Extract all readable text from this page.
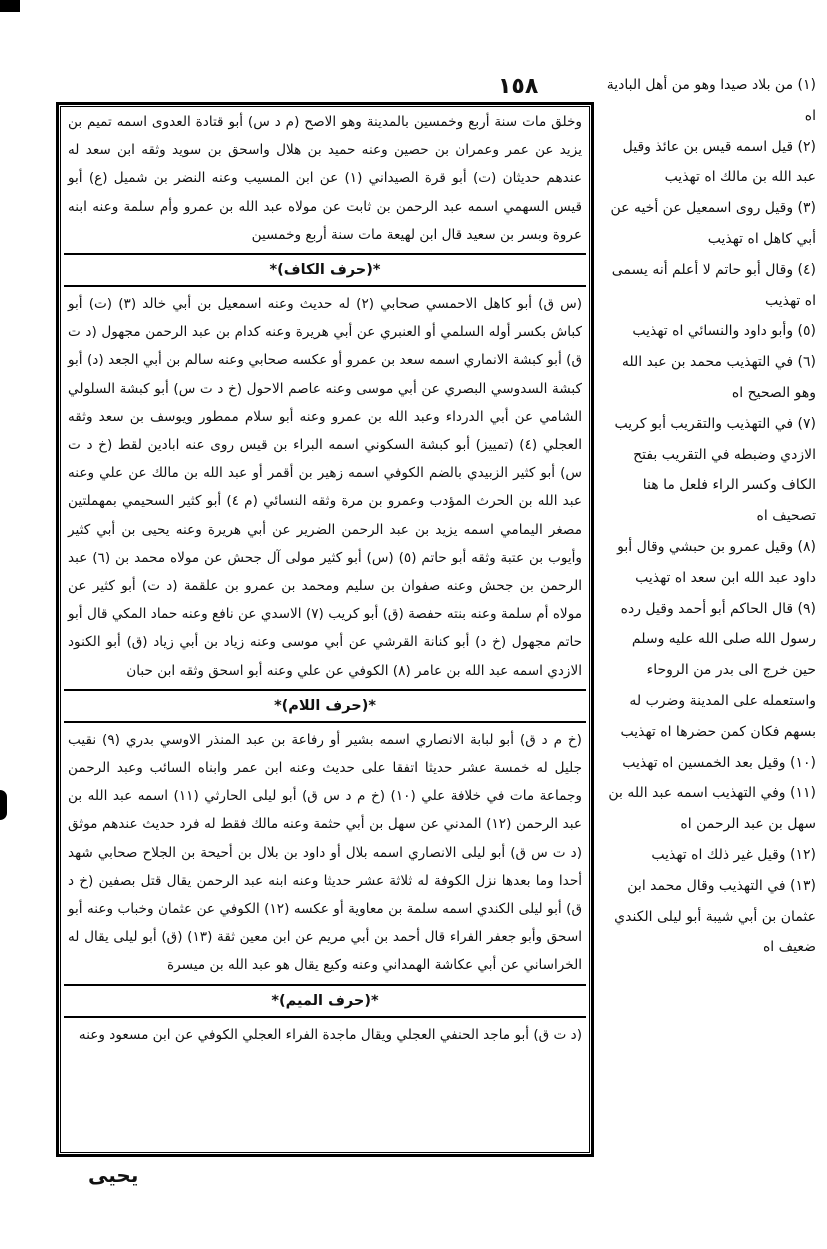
١٥٨

وخلق مات سنة أربع وخمسين بالمدينة وهو الاصح (م د س) أبو قتادة العدوى اسمه تميم بن يزيد عن عمر وعمران بن حصين وعنه حميد بن هلال واسحق بن سويد وثقه ابن سعد له عندهم حديثان (ت) أبو قرة الصيداني (١) عن ابن المسيب وعنه النضر بن شميل (ع) أبو قيس السهمي اسمه عبد الرحمن بن ثابت عن مولاه عبد الله بن عمرو وأم سلمة وعنه ابنه عروة وبسر بن سعيد قال ابن لهيعة مات سنة أربع وخمسين

*(حرف الكاف)*

(س ق) أبو كاهل الاحمسي صحابي (٢) له حديث وعنه اسمعيل بن أبي خالد (٣) (ت) أبو كباش بكسر أوله السلمي أو العنبري عن أبي هريرة وعنه كدام بن عبد الرحمن مجهول (د ت ق) أبو كبشة الانماري اسمه سعد بن عمرو أو عكسه صحابي وعنه سالم بن أبي الجعد (د) أبو كبشة السدوسي البصري عن أبي موسى وعنه عاصم الاحول (خ د ت س) أبو كبشة السلولي الشامي عن أبي الدرداء وعبد الله بن عمرو وعنه أبو سلام ممطور ويوسف بن سعد وثقه العجلي (٤) (تمييز) أبو كبشة السكوني اسمه البراء بن قيس روى عنه ابادين لقط (خ د ت س) أبو كثير الزبيدي بالضم الكوفي اسمه زهير بن أقمر أو عبد الله بن مالك عن علي وعنه عبد الله بن الحرث المؤدب وعمرو بن مرة وثقه النسائي (م ٤) أبو كثير السحيمي بمهملتين مصغر اليمامي اسمه يزيد بن عبد الرحمن الضرير عن أبي هريرة وعنه يحيى بن أبي كثير وأيوب بن عتبة وثقه أبو حاتم (٥) (س) أبو كثير مولى آل جحش عن مولاه محمد بن (٦) عبد الرحمن بن جحش وعنه صفوان بن سليم ومحمد بن عمرو بن علقمة (د ت) أبو كثير عن مولاه أم سلمة وعنه بنته حفصة (ق) أبو كريب (٧) الاسدي عن نافع وعنه حماد المكي قال أبو حاتم مجهول (خ د) أبو كنانة القرشي عن أبي موسى وعنه زياد بن أبي زياد (ق) أبو الكنود الازدي اسمه عبد الله بن عامر (٨) الكوفي عن علي وعنه أبو اسحق وثقه ابن حبان

*(حرف اللام)*

(خ م د ق) أبو لبابة الانصاري اسمه بشير أو رفاعة بن عبد المنذر الاوسي بدري (٩) نقيب جليل له خمسة عشر حديثا اتفقا على حديث وعنه ابن عمر وابناه السائب وعبد الرحمن وجماعة مات في خلافة علي (١٠) (خ م د س ق) أبو ليلى الحارثي (١١) اسمه عبد الله بن عبد الرحمن (١٢) المدني عن سهل بن أبي حثمة وعنه مالك فقط له فرد حديث عندهم موثق (د ت س ق) أبو ليلى الانصاري اسمه بلال أو داود بن بلال بن أحيحة بن الجلاح صحابي شهد أحدا وما بعدها نزل الكوفة له ثلاثة عشر حديثا وعنه ابنه عبد الرحمن يقال قتل بصفين (خ د ق) أبو ليلى الكندي اسمه سلمة بن معاوية أو عكسه (١٢) الكوفي عن عثمان وخباب وعنه أبو اسحق وأبو جعفر الفراء قال أحمد بن أبي مريم عن ابن معين ثقة (١٣) (ق) أبو ليلى يقال له الخراساني عن أبي عكاشة الهمداني وعنه وكيع يقال هو عبد الله بن ميسرة

*(حرف الميم)*

(د ت ق) أبو ماجد الحنفي العجلي ويقال ماجدة الفراء العجلي الكوفي عن ابن مسعود وعنه

(١) من بلاد صيدا وهو من أهل البادية اه

(٢) قيل اسمه قيس بن عائذ وقيل عبد الله بن مالك اه تهذيب

(٣) وقيل روى اسمعيل عن أخيه عن أبي كاهل اه تهذيب

(٤) وقال أبو حاتم لا أعلم أنه يسمى اه تهذيب

(٥) وأبو داود والنسائي اه تهذيب

(٦) في التهذيب محمد بن عبد الله وهو الصحيح اه

(٧) في التهذيب والتقريب أبو كريب الازدي وضبطه في التقريب بفتح الكاف وكسر الراء فلعل ما هنا تصحيف اه

(٨) وقيل عمرو بن حبشي وقال أبو داود عبد الله ابن سعد اه تهذيب

(٩) قال الحاكم أبو أحمد وقيل رده رسول الله صلى الله عليه وسلم حين خرج الى بدر من الروحاء واستعمله على المدينة وضرب له بسهم فكان كمن حضرها اه تهذيب

(١٠) وقيل بعد الخمسين اه تهذيب

(١١) وفي التهذيب اسمه عبد الله بن سهل بن عبد الرحمن اه

(١٢) وقيل غير ذلك اه تهذيب

(١٣) في التهذيب وقال محمد ابن عثمان بن أبي شيبة أبو ليلى الكندي ضعيف اه

يحيى
